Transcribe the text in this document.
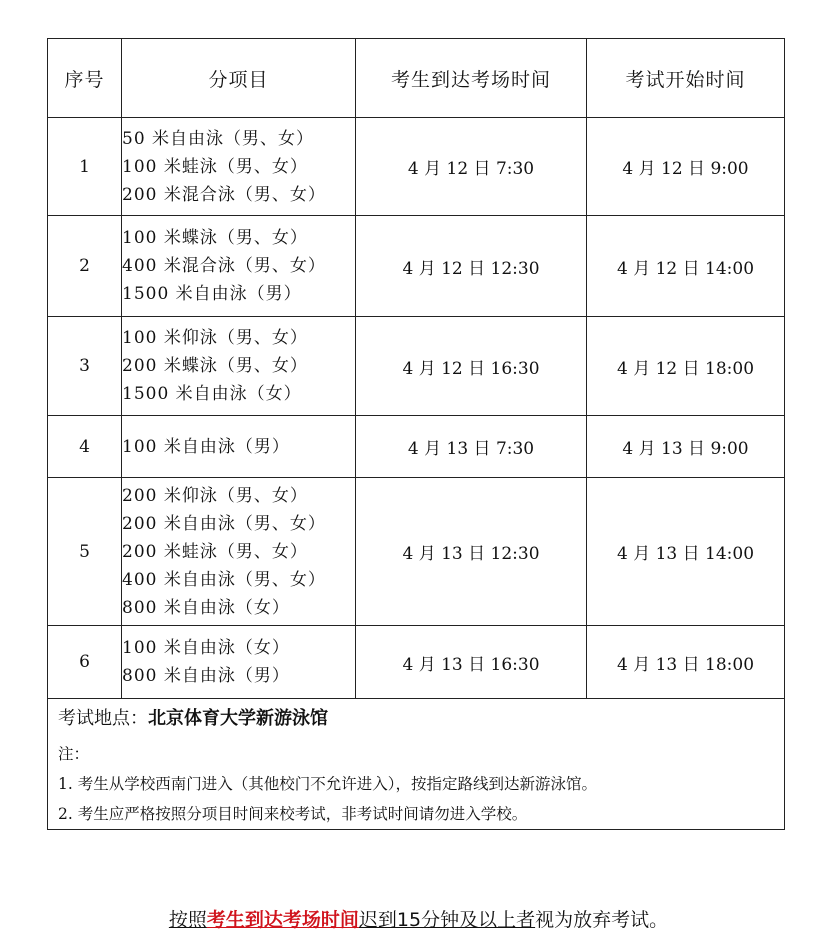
序号	分项目	考生到达考场时间	考试开始时间
1	50 米自由泳（男、女）
100 米蛙泳（男、女）
200 米混合泳（男、女）	4 月 12 日 7:30	4 月 12 日 9:00
2	100 米蝶泳（男、女）
400 米混合泳（男、女）
1500 米自由泳（男）	4 月 12 日 12:30	4 月 12 日 14:00
3	100 米仰泳（男、女）
200 米蝶泳（男、女）
1500 米自由泳（女）	4 月 12 日 16:30	4 月 12 日 18:00
4	100 米自由泳（男）	4 月 13 日 7:30	4 月 13 日 9:00
5	200 米仰泳（男、女）
200 米自由泳（男、女）
200 米蛙泳（男、女）
400 米自由泳（男、女）
800 米自由泳（女）	4 月 13 日 12:30	4 月 13 日 14:00
6	100 米自由泳（女）
800 米自由泳（男）	4 月 13 日 16:30	4 月 13 日 18:00

考试地点：北京体育大学新游泳馆
注：
1. 考生从学校西南门进入（其他校门不允许进入），按指定路线到达新游泳馆。
2. 考生应严格按照分项目时间来校考试，非考试时间请勿进入学校。			
按照考生到达考场时间迟到15分钟及以上者视为放弃考试。
